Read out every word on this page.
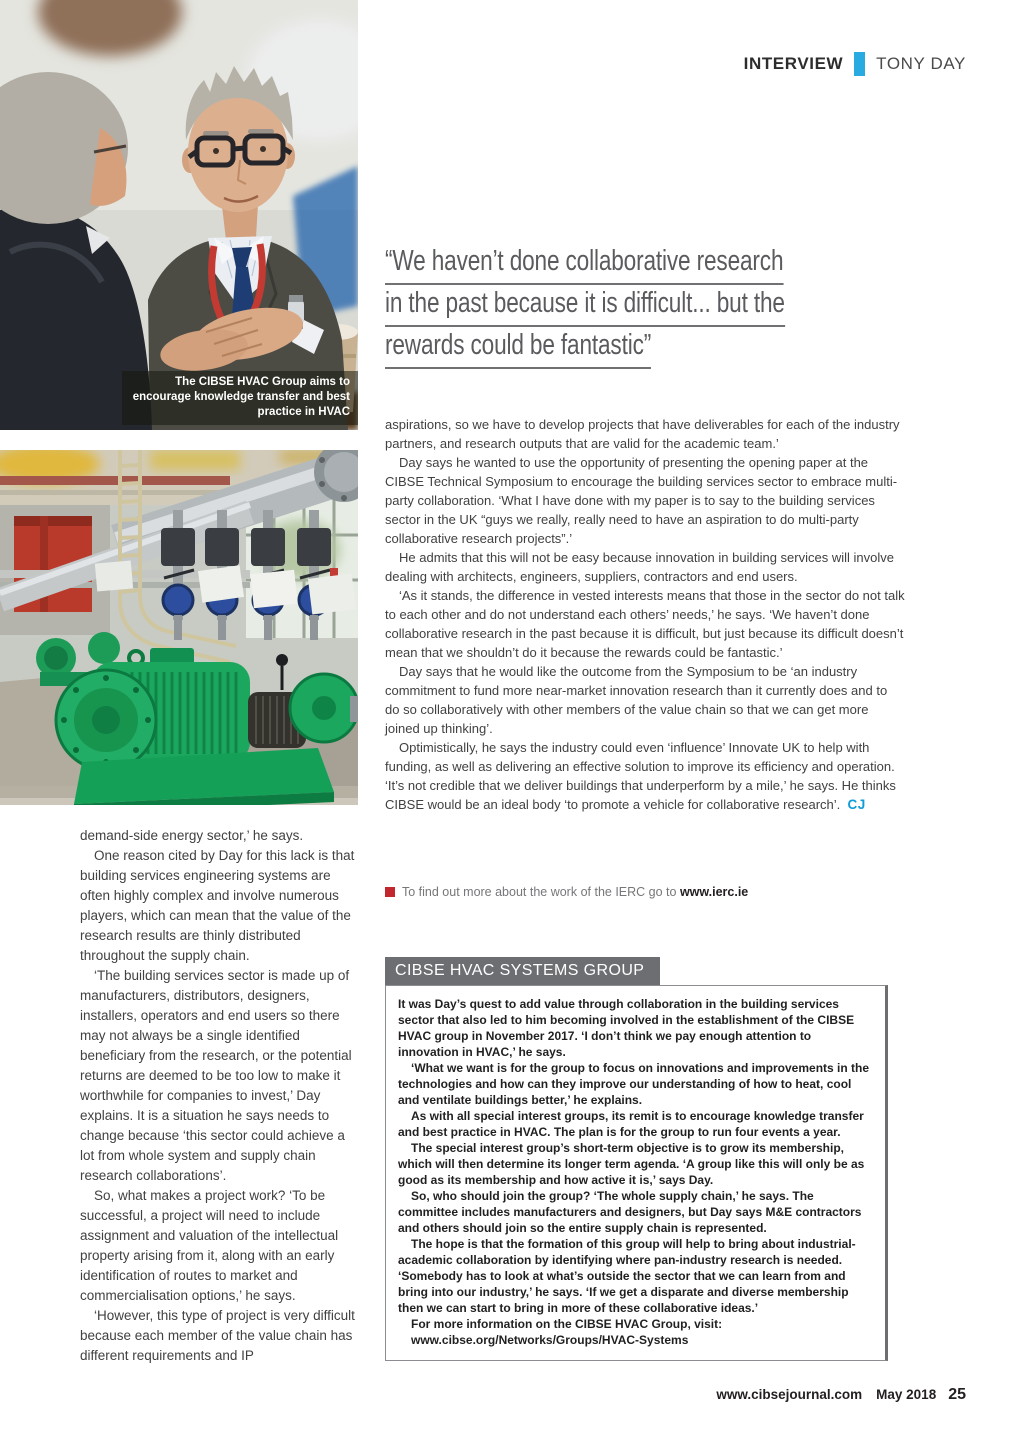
INTERVIEW TONY DAY
The CIBSE HVAC Group aims to encourage knowledge transfer and best practice in HVAC
“We haven’t done collaborative research
in the past because it is difficult... but the
rewards could be fantastic”

aspirations, so we have to develop projects that have deliverables for each of the industry partners, and research outputs that are valid for the academic team.’

Day says he wanted to use the opportunity of presenting the opening paper at the CIBSE Technical Symposium to encourage the building services sector to embrace multi-party collaboration. ‘What I have done with my paper is to say to the building services sector in the UK “guys we really, really need to have an aspiration to do multi-party collaborative research projects”.’

He admits that this will not be easy because innovation in building services will involve dealing with architects, engineers, suppliers, contractors and end users.

‘As it stands, the difference in vested interests means that those in the sector do not talk to each other and do not understand each others’ needs,’ he says. ‘We haven’t done collaborative research in the past because it is difficult, but just because its difficult doesn’t mean that we shouldn’t do it because the rewards could be fantastic.’

Day says that he would like the outcome from the Symposium to be ‘an industry commitment to fund more near-market innovation research than it currently does and to do so collaboratively with other members of the value chain so that we can get more joined up thinking’.

Optimistically, he says the industry could even ‘influence’ Innovate UK to help with funding, as well as delivering an effective solution to improve its efficiency and operation. ‘It’s not credible that we deliver buildings that underperform by a mile,’ he says. He thinks CIBSE would be an ideal body ‘to promote a vehicle for collaborative research’. CJ

To find out more about the work of the IERC go to www.ierc.ie

demand-side energy sector,’ he says.

One reason cited by Day for this lack is that building services engineering systems are often highly complex and involve numerous players, which can mean that the value of the research results are thinly distributed throughout the supply chain.

‘The building services sector is made up of manufacturers, distributors, designers, installers, operators and end users so there may not always be a single identified beneficiary from the research, or the potential returns are deemed to be too low to make it worthwhile for companies to invest,’ Day explains. It is a situation he says needs to change because ‘this sector could achieve a lot from whole system and supply chain research collaborations’.

So, what makes a project work? ‘To be successful, a project will need to include assignment and valuation of the intellectual property arising from it, along with an early identification of routes to market and commercialisation options,’ he says.

‘However, this type of project is very difficult because each member of the value chain has different requirements and IP

CIBSE HVAC SYSTEMS GROUP

It was Day’s quest to add value through collaboration in the building services sector that also led to him becoming involved in the establishment of the CIBSE HVAC group in November 2017. ‘I don’t think we pay enough attention to innovation in HVAC,’ he says.

‘What we want is for the group to focus on innovations and improvements in the technologies and how can they improve our understanding of how to heat, cool and ventilate buildings better,’ he explains.

As with all special interest groups, its remit is to encourage knowledge transfer and best practice in HVAC. The plan is for the group to run four events a year.

The special interest group’s short-term objective is to grow its membership, which will then determine its longer term agenda. ‘A group like this will only be as good as its membership and how active it is,’ says Day.

So, who should join the group? ‘The whole supply chain,’ he says. The committee includes manufacturers and designers, but Day says M&E contractors and others should join so the entire supply chain is represented.

The hope is that the formation of this group will help to bring about industrial-academic collaboration by identifying where pan-industry research is needed. ‘Somebody has to look at what’s outside the sector that we can learn from and bring into our industry,’ he says. ‘If we get a disparate and diverse membership then we can start to bring in more of these collaborative ideas.’

For more information on the CIBSE HVAC Group, visit:

www.cibse.org/Networks/Groups/HVAC-Systems

www.cibsejournal.com May 2018 25
